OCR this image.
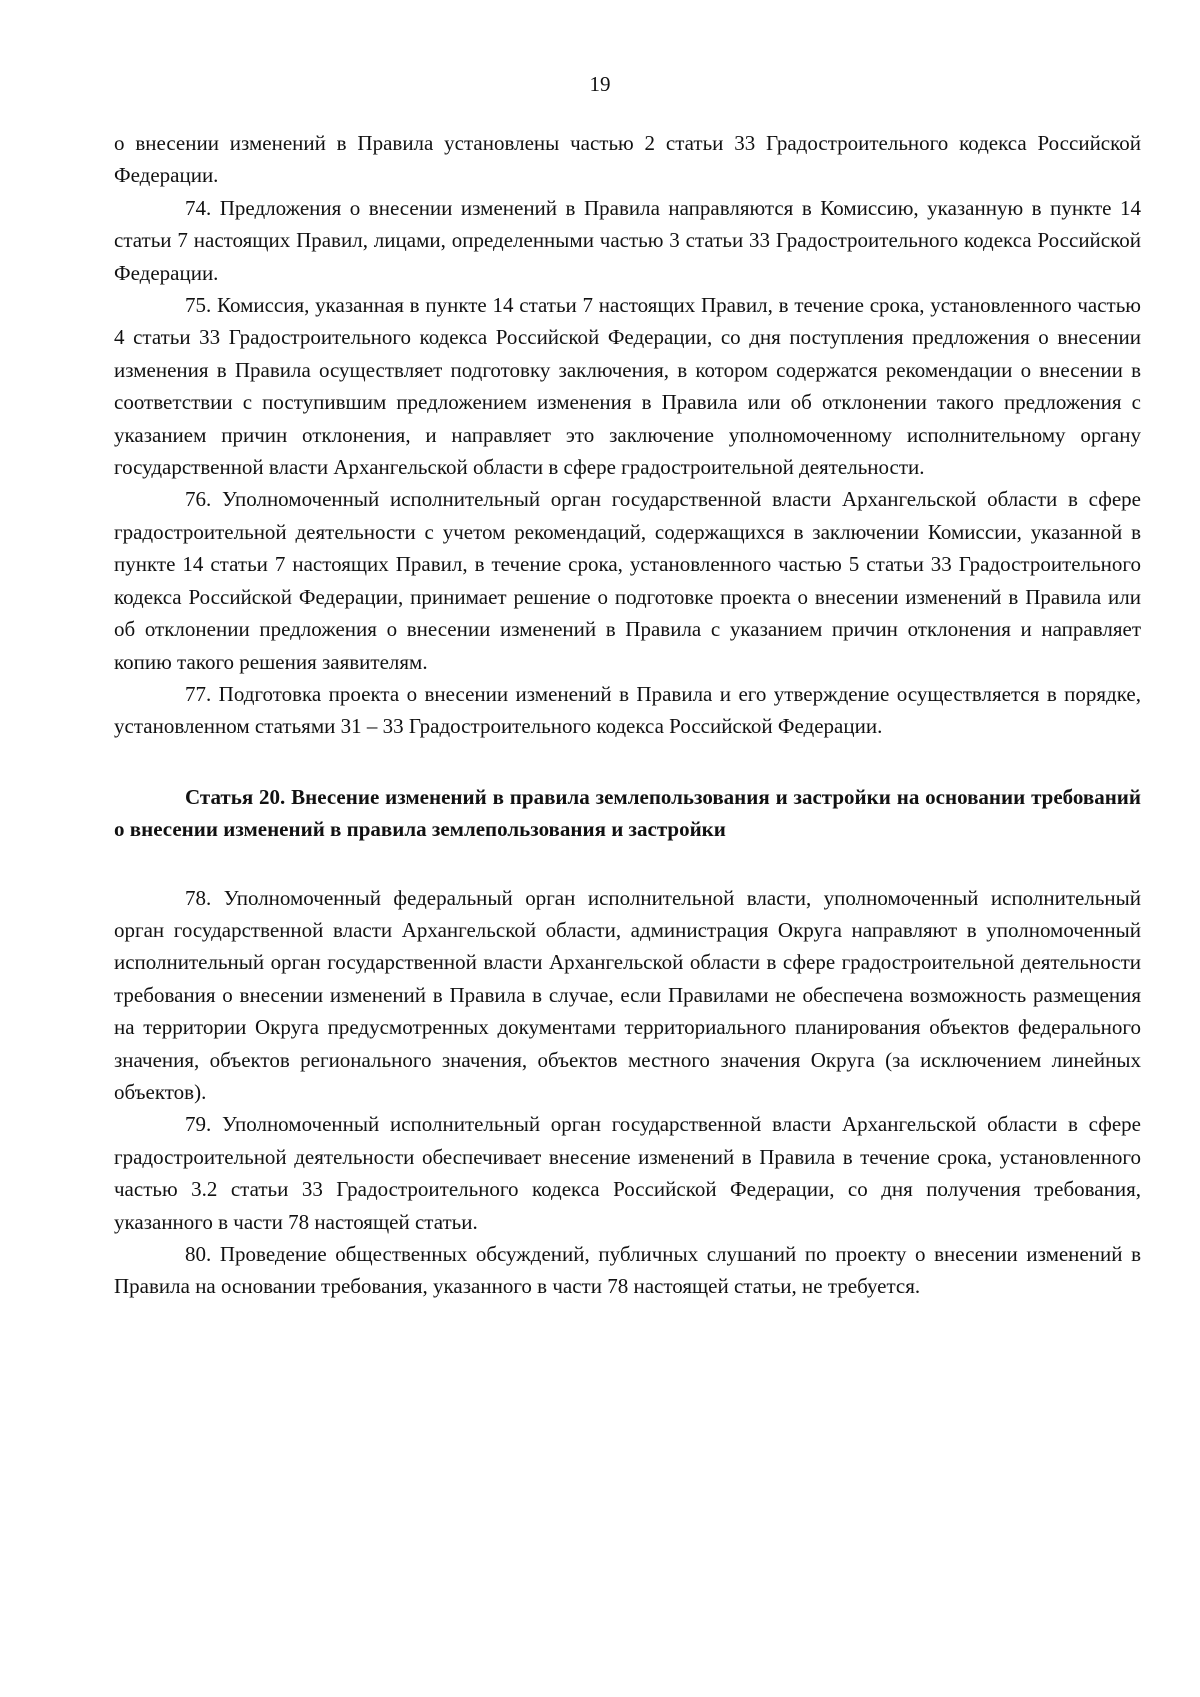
19

о внесении изменений в Правила установлены частью 2 статьи 33 Градостроительного кодекса Российской Федерации.

74. Предложения о внесении изменений в Правила направляются в Комиссию, указанную в пункте 14 статьи 7 настоящих Правил, лицами, определенными частью 3 статьи 33 Градостроительного кодекса Российской Федерации.

75. Комиссия, указанная в пункте 14 статьи 7 настоящих Правил, в течение срока, установленного частью 4 статьи 33 Градостроительного кодекса Российской Федерации, со дня поступления предложения о внесении изменения в Правила осуществляет подготовку заключения, в котором содержатся рекомендации о внесении в соответствии с поступившим предложением изменения в Правила или об отклонении такого предложения с указанием причин отклонения, и направляет это заключение уполномоченному исполнительному органу государственной власти Архангельской области в сфере градостроительной деятельности.

76. Уполномоченный исполнительный орган государственной власти Архангельской области в сфере градостроительной деятельности с учетом рекомендаций, содержащихся в заключении Комиссии, указанной в пункте 14 статьи 7 настоящих Правил, в течение срока, установленного частью 5 статьи 33 Градостроительного кодекса Российской Федерации, принимает решение о подготовке проекта о внесении изменений в Правила или об отклонении предложения о внесении изменений в Правила с указанием причин отклонения и направляет копию такого решения заявителям.

77. Подготовка проекта о внесении изменений в Правила и его утверждение осуществляется в порядке, установленном статьями 31 – 33 Градостроительного кодекса Российской Федерации.

Статья 20. Внесение изменений в правила землепользования и застройки на основании требований о внесении изменений в правила землепользования и застройки

78. Уполномоченный федеральный орган исполнительной власти, уполномоченный исполнительный орган государственной власти Архангельской области, администрация Округа направляют в уполномоченный исполнительный орган государственной власти Архангельской области в сфере градостроительной деятельности требования о внесении изменений в Правила в случае, если Правилами не обеспечена возможность размещения на территории Округа предусмотренных документами территориального планирования объектов федерального значения, объектов регионального значения, объектов местного значения Округа (за исключением линейных объектов).

79. Уполномоченный исполнительный орган государственной власти Архангельской области в сфере градостроительной деятельности обеспечивает внесение изменений в Правила в течение срока, установленного частью 3.2 статьи 33 Градостроительного кодекса Российской Федерации, со дня получения требования, указанного в части 78 настоящей статьи.

80. Проведение общественных обсуждений, публичных слушаний по проекту о внесении изменений в Правила на основании требования, указанного в части 78 настоящей статьи, не требуется.
